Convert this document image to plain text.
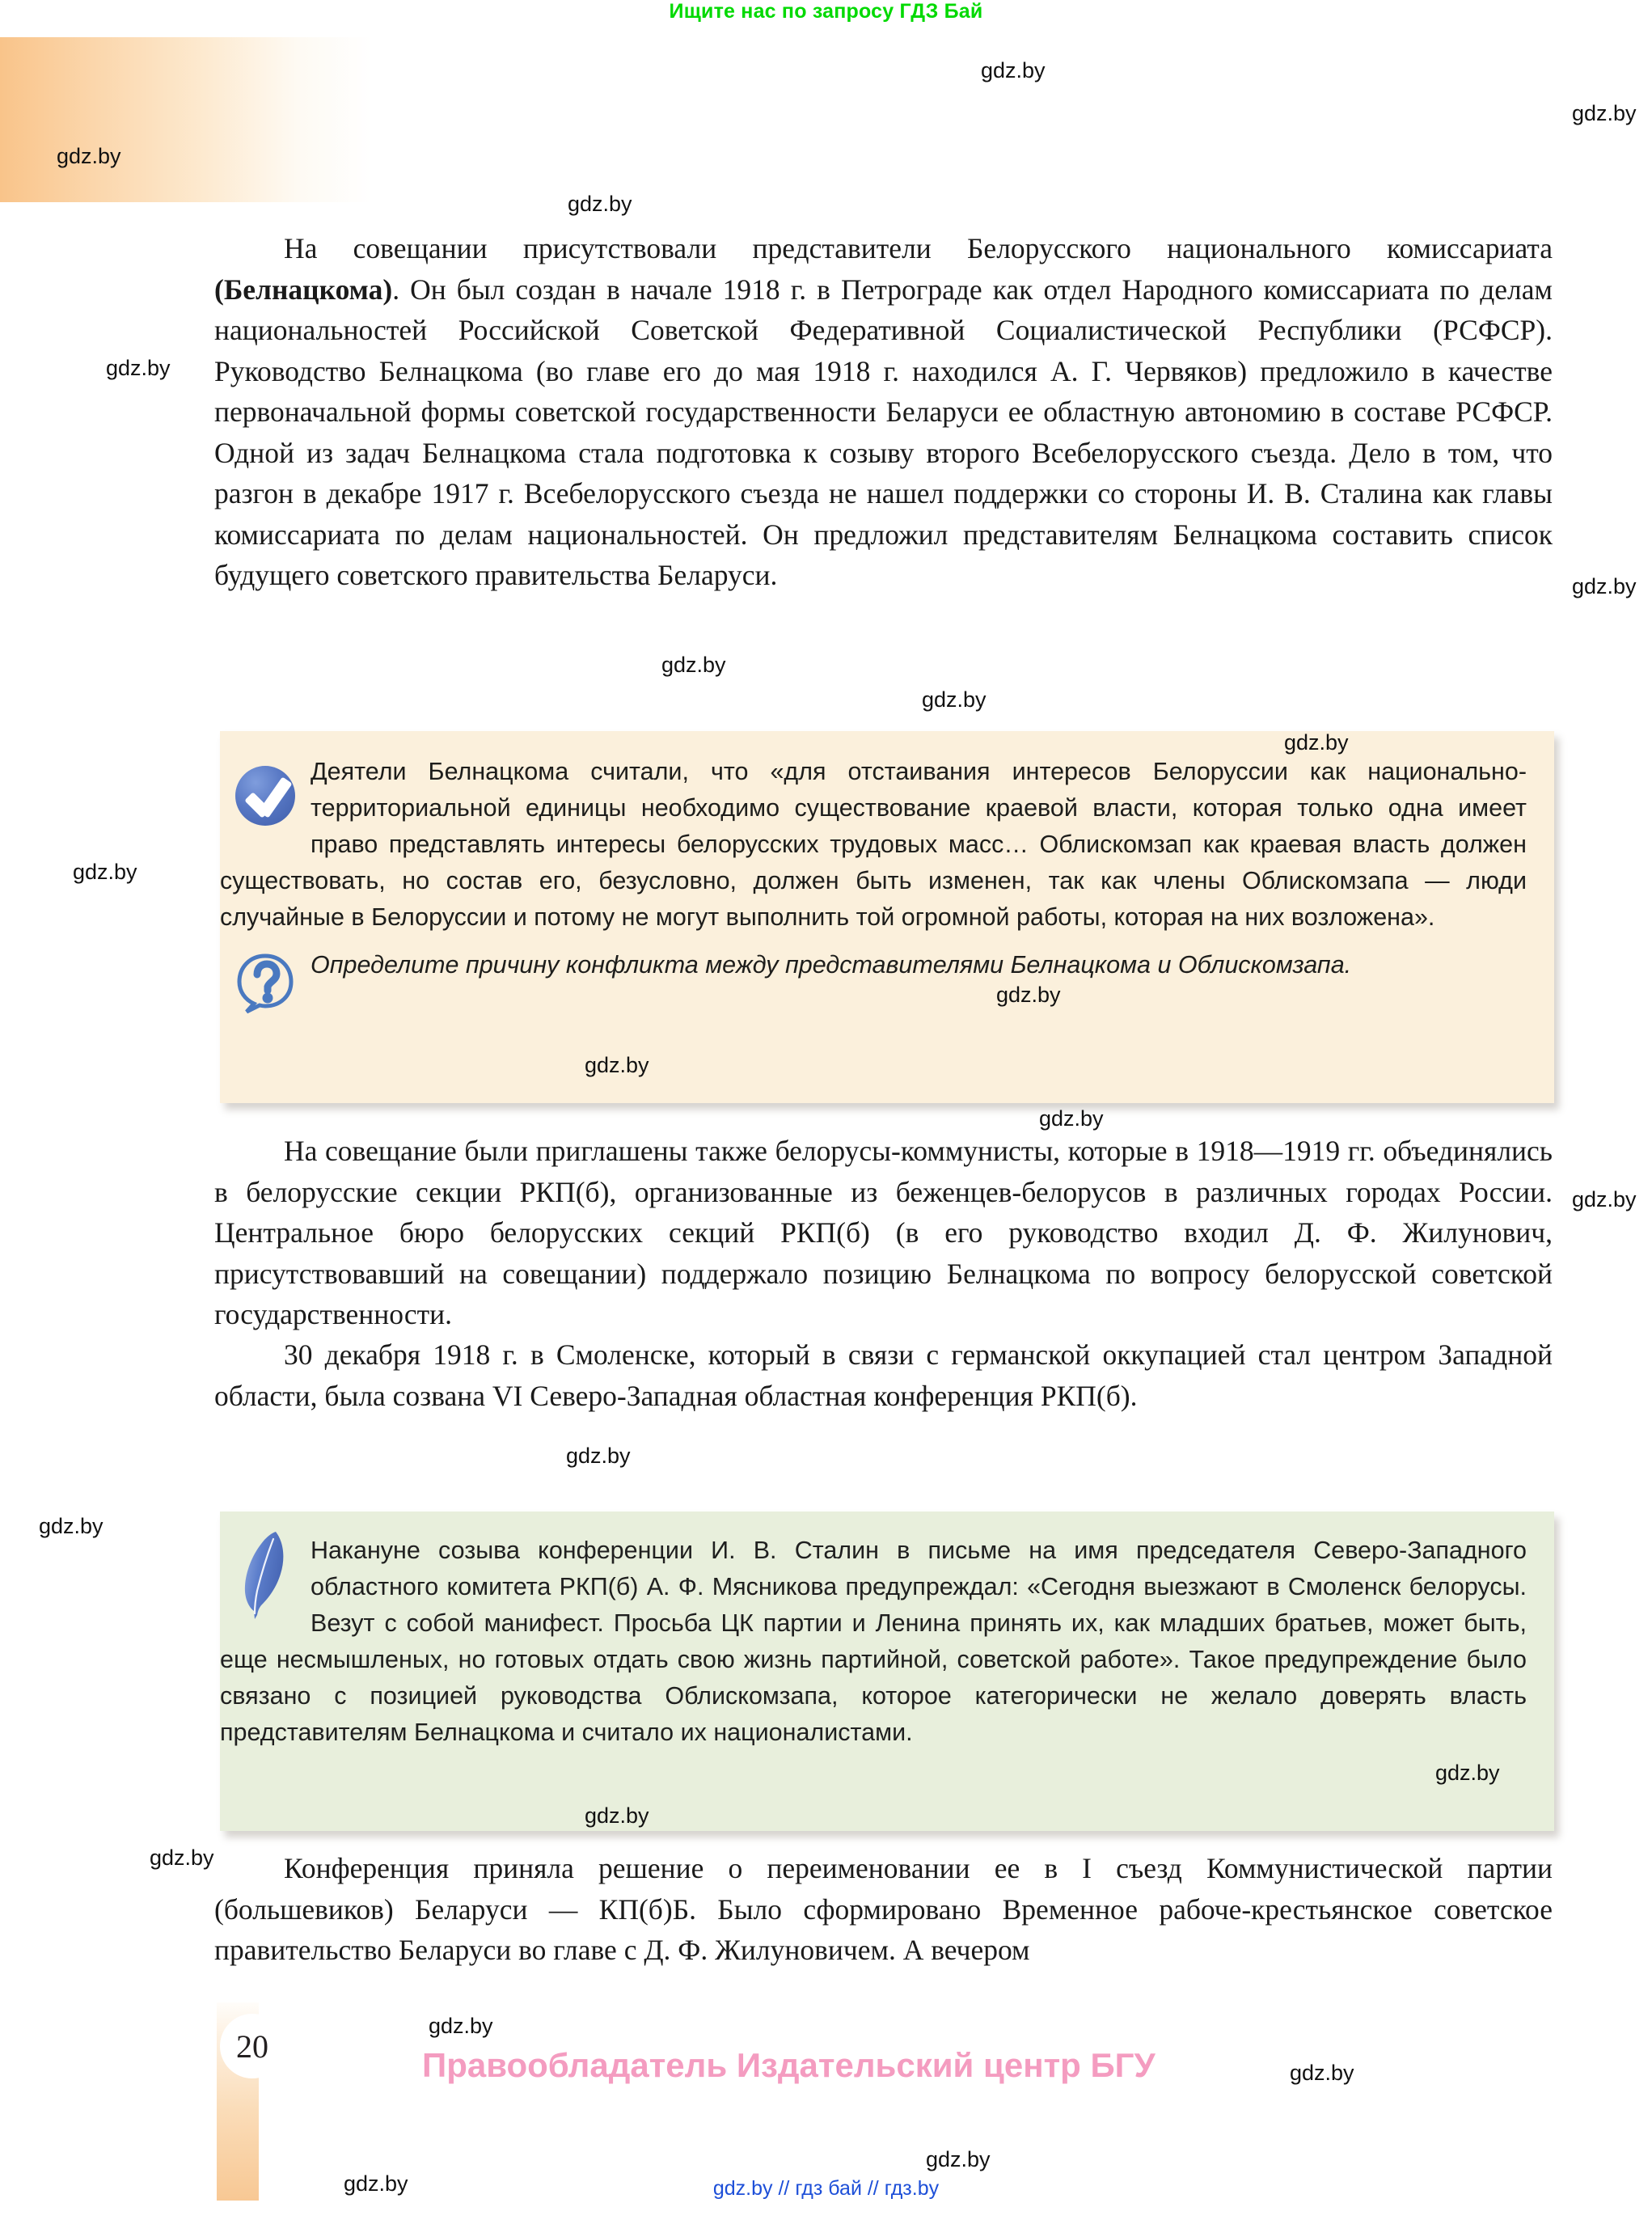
Ищите нас по запросу ГДЗ Бай
На совещании присутствовали представители Белорусского национального комиссариата (Белнацкома). Он был создан в начале 1918 г. в Петрограде как отдел Народного комиссариата по делам национальностей Российской Советской Федеративной Социалистической Республики (РСФСР). Руководство Белнацкома (во главе его до мая 1918 г. находился А. Г. Червяков) предложило в качестве первоначальной формы советской государственности Беларуси ее областную автономию в составе РСФСР. Одной из задач Белнацкома стала подготовка к созыву второго Всебелорусского съезда. Дело в том, что разгон в декабре 1917 г. Всебелорусского съезда не нашел поддержки со стороны И. В. Сталина как главы комиссариата по делам национальностей. Он предложил представителям Белнацкома составить список будущего советского правительства Беларуси.
Деятели Белнацкома считали, что «для отстаивания интересов Белоруссии как национально-территориальной единицы необходимо существование краевой власти, которая только одна имеет право представлять интересы белорусских трудовых масс… Облискомзап как краевая власть должен существовать, но состав его, безусловно, должен быть изменен, так как члены Облискомзапа — люди случайные в Белоруссии и потому не могут выполнить той огромной работы, которая на них возложена».
Определите причину конфликта между представителями Белнацкома и Облискомзапа.
На совещание были приглашены также белорусы-коммунисты, которые в 1918—1919 гг. объединялись в белорусские секции РКП(б), организованные из беженцев-белорусов в различных городах России. Центральное бюро белорусских секций РКП(б) (в его руководство входил Д. Ф. Жилунович, присутствовавший на совещании) поддержало позицию Белнацкома по вопросу белорусской советской государственности.
30 декабря 1918 г. в Смоленске, который в связи с германской оккупацией стал центром Западной области, была созвана VI Северо-Западная областная конференция РКП(б).
Накануне созыва конференции И. В. Сталин в письме на имя председателя Северо-Западного областного комитета РКП(б) А. Ф. Мясникова предупреждал: «Сегодня выезжают в Смоленск белорусы. Везут с собой манифест. Просьба ЦК партии и Ленина принять их, как младших братьев, может быть, еще несмышленых, но готовых отдать свою жизнь партийной, советской работе». Такое предупреждение было связано с позицией руководства Облискомзапа, которое категорически не желало доверять власть представителям Белнацкома и считало их националистами.
Конференция приняла решение о переименовании ее в I съезд Коммунистической партии (большевиков) Беларуси — КП(б)Б. Было сформировано Временное рабоче-крестьянское советское правительство Беларуси во главе с Д. Ф. Жилуновичем. А вечером
20	Правообладатель Издательский центр БГУ
gdz.by // гдз бай // гдз.by
gdz.by
gdz.by
gdz.by
gdz.by
gdz.by
gdz.by
gdz.by
gdz.by
gdz.by
gdz.by
gdz.by
gdz.by
gdz.by
gdz.by
gdz.by
gdz.by
gdz.by
gdz.by
gdz.by
gdz.by
gdz.by
gdz.by
gdz.by
